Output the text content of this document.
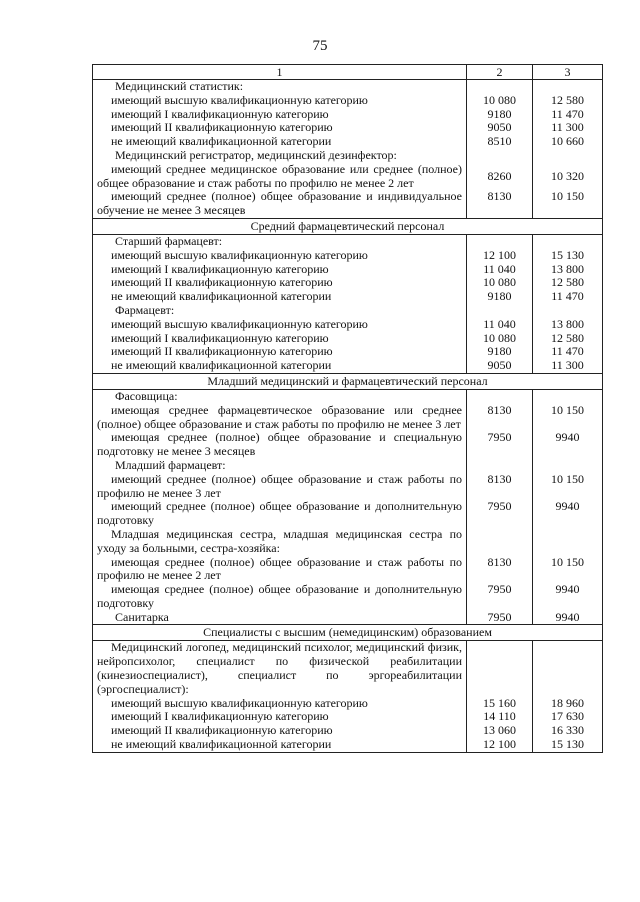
75
1	2	3
Медицинский статистик:		
имеющий высшую квалификационную категорию	10 080	12 580
имеющий I квалификационную категорию	9180	11 470
имеющий II квалификационную категорию	9050	11 300
не имеющий квалификационной категории	8510	10 660
Медицинский регистратор, медицинский дезинфектор:		
имеющий среднее медицинское образование или среднее (полное) общее образование и стаж работы по профилю не менее 2 лет	8260	10 320
имеющий среднее (полное) общее образование и индивидуальное обучение не менее 3 месяцев	8130	10 150
Средний фармацевтический персонал		
Старший фармацевт:		
имеющий высшую квалификационную категорию	12 100	15 130
имеющий I квалификационную категорию	11 040	13 800
имеющий II квалификационную категорию	10 080	12 580
не имеющий квалификационной категории	9180	11 470
Фармацевт:		
имеющий высшую квалификационную категорию	11 040	13 800
имеющий I квалификационную категорию	10 080	12 580
имеющий II квалификационную категорию	9180	11 470
не имеющий квалификационной категории	9050	11 300
Младший медицинский и фармацевтический персонал		
Фасовщица:		
имеющая среднее фармацевтическое образование или среднее (полное) общее образование и стаж работы по профилю не менее 3 лет	8130	10 150
имеющая среднее (полное) общее образование и специальную подготовку не менее 3 месяцев	7950	9940
Младший фармацевт:		
имеющий среднее (полное) общее образование и стаж работы по профилю не менее 3 лет	8130	10 150
имеющий среднее (полное) общее образование и дополнительную подготовку	7950	9940
Младшая медицинская сестра, младшая медицинская сестра по уходу за больными, сестра-хозяйка:		
имеющая среднее (полное) общее образование и стаж работы по профилю не менее 2 лет	8130	10 150
имеющая среднее (полное) общее образование и дополнительную подготовку	7950	9940
Санитарка	7950	9940
Специалисты с высшим (немедицинским) образованием		
Медицинский логопед, медицинский психолог, медицинский физик, нейропсихолог, специалист по физической реабилитации (кинезиоспециалист), специалист по эргореабилитации (эргоспециалист):		
имеющий высшую квалификационную категорию	15 160	18 960
имеющий I квалификационную категорию	14 110	17 630
имеющий II квалификационную категорию	13 060	16 330
не имеющий квалификационной категории	12 100	15 130
